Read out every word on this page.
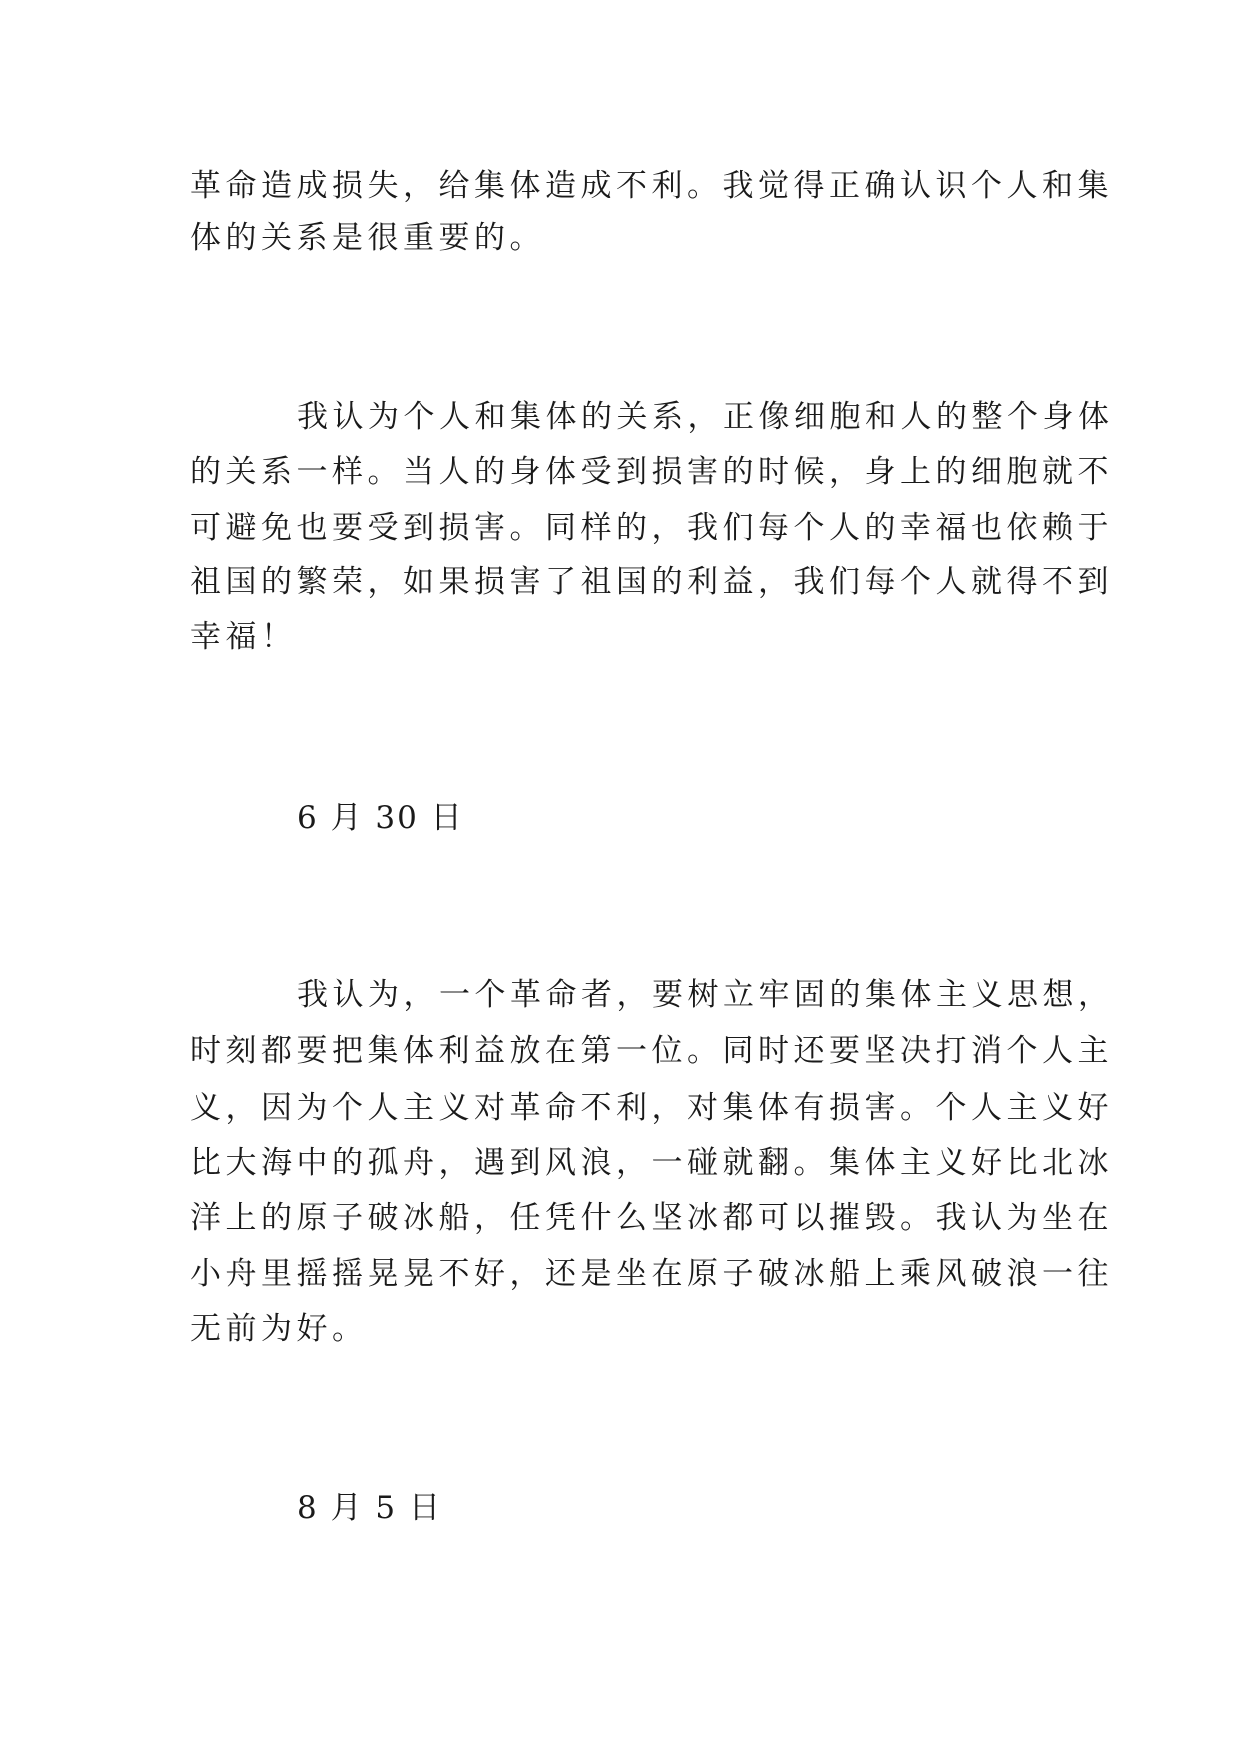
革命造成损失，给集体造成不利。我觉得正确认识个人和集
体的关系是很重要的。
我认为个人和集体的关系，正像细胞和人的整个身体
的关系一样。当人的身体受到损害的时候，身上的细胞就不
可避免也要受到损害。同样的，我们每个人的幸福也依赖于
祖国的繁荣，如果损害了祖国的利益，我们每个人就得不到
幸福！
6 月 30 日
我认为，一个革命者，要树立牢固的集体主义思想，
时刻都要把集体利益放在第一位。同时还要坚决打消个人主
义，因为个人主义对革命不利，对集体有损害。个人主义好
比大海中的孤舟，遇到风浪，一碰就翻。集体主义好比北冰
洋上的原子破冰船，任凭什么坚冰都可以摧毁。我认为坐在
小舟里摇摇晃晃不好，还是坐在原子破冰船上乘风破浪一往
无前为好。
8 月 5 日
